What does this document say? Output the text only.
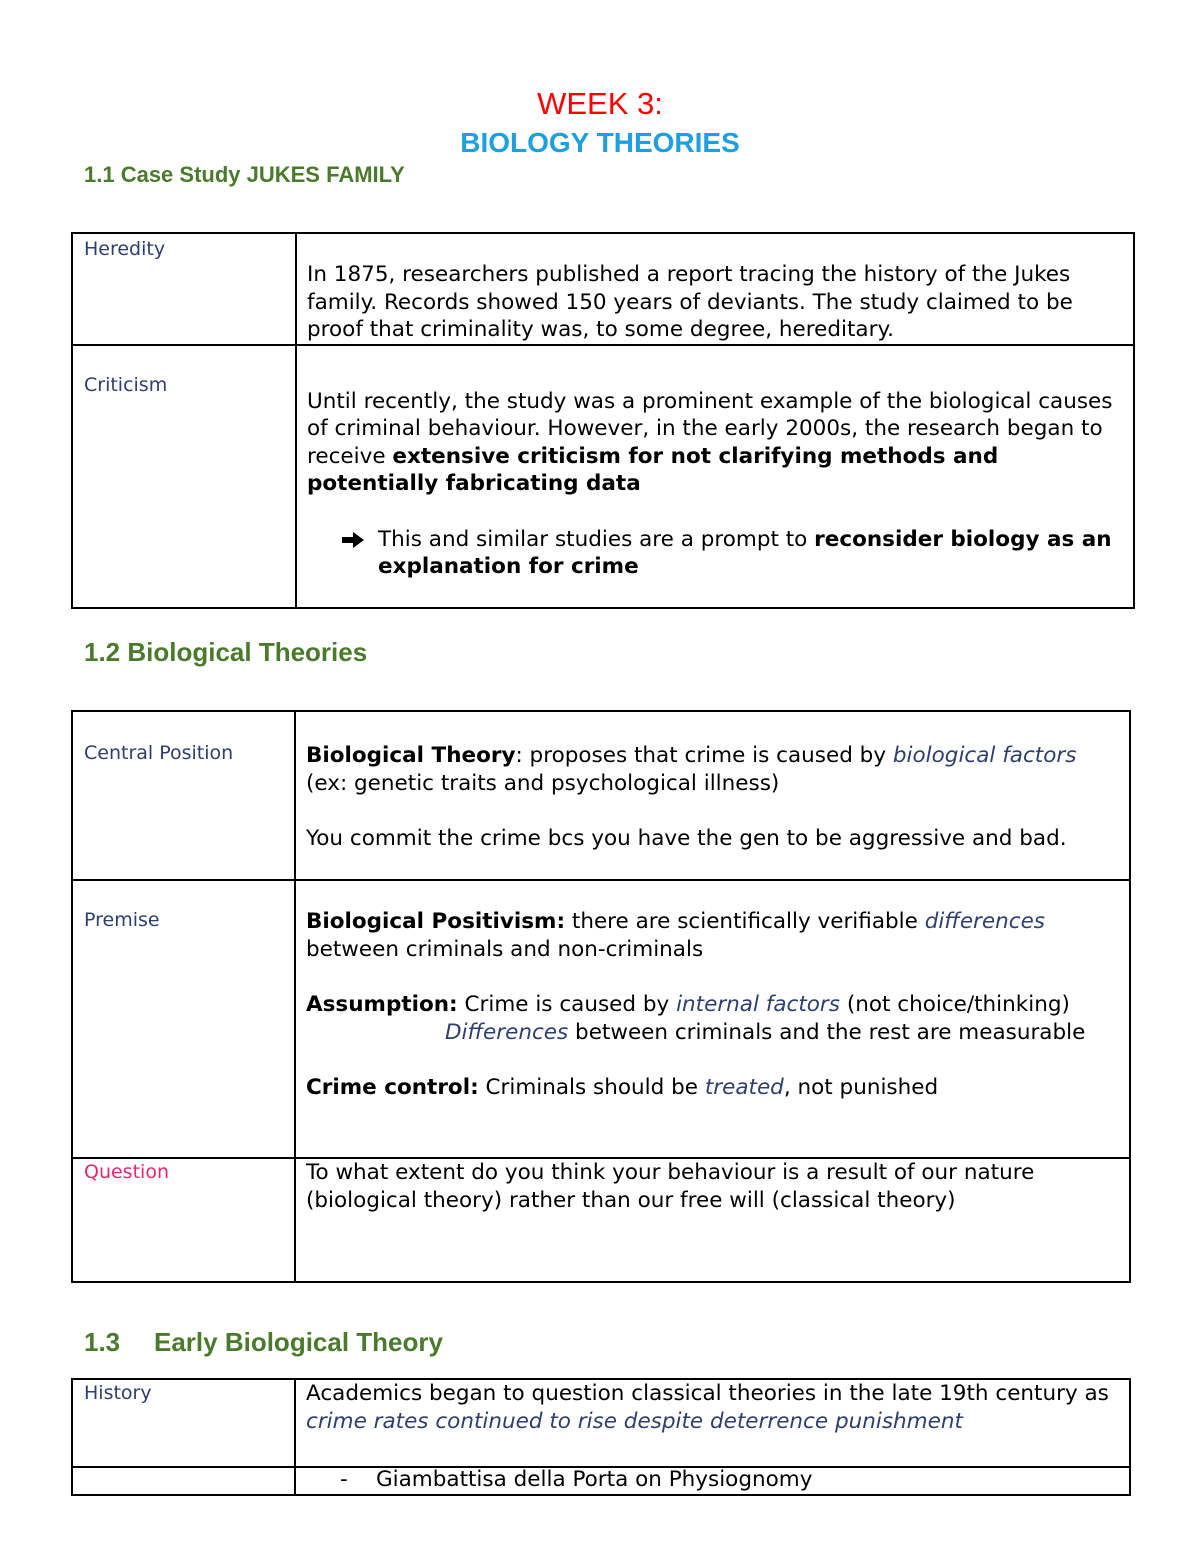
WEEK 3:
BIOLOGY THEORIES
1.1 Case Study JUKES FAMILY
Heredity	In 1875, researchers published a report tracing the history of the Jukes family. Records showed 150 years of deviants. The study claimed to be proof that criminality was, to some degree, hereditary.

Criticism	Until recently, the study was a prominent example of the biological causes of criminal behaviour. However, in the early 2000s, the research began to receive extensive criticism for not clarifying methods and potentially fabricating data

This and similar studies are a prompt to reconsider biology as an explanation for crime
1.2 Biological Theories
Central Position	Biological Theory: proposes that crime is caused by biological factors (ex: genetic traits and psychological illness)

You commit the crime bcs you have the gen to be aggressive and bad.

Premise	Biological Positivism: there are scientifically verifiable differences between criminals and non-criminals

Assumption: Crime is caused by internal factors (not choice/thinking)

Differences between criminals and the rest are measurable

Crime control: Criminals should be treated, not punished

Question	To what extent do you think your behaviour is a result of our nature (biological theory) rather than our free will (classical theory)
1.3 Early Biological Theory
History	Academics began to question classical theories in the late 19th century as crime rates continued to rise despite deterrence punishment

	- Giambattisa della Porta on Physiognomy
